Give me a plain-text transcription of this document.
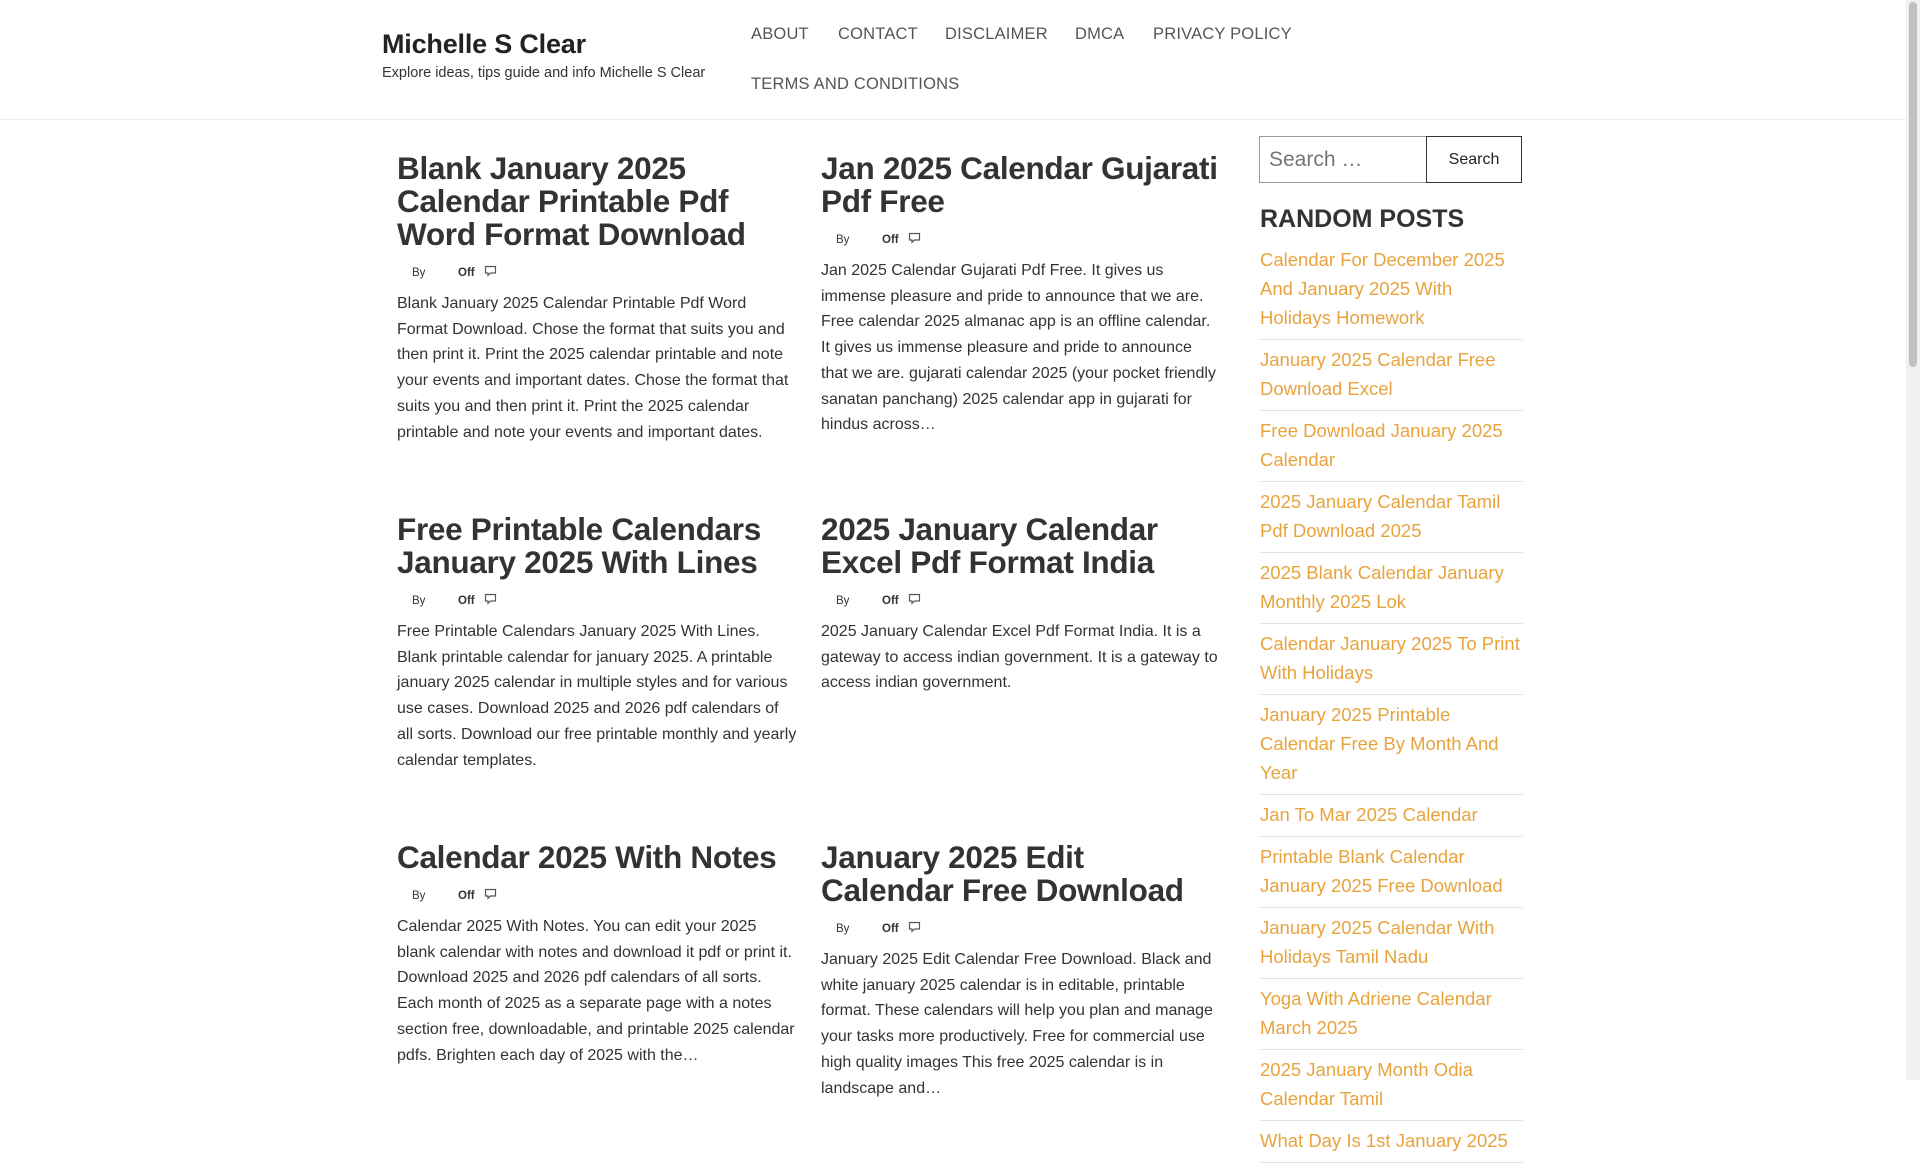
Michelle S Clear
Explore ideas, tips guide and info Michelle S Clear
ABOUT CONTACT DISCLAIMER DMCA PRIVACY POLICY
TERMS AND CONDITIONS
Blank January 2025 Calendar Printable Pdf Word Format Download
By	Off

Blank January 2025 Calendar Printable Pdf Word Format Download. Chose the format that suits you and then print it. Print the 2025 calendar printable and note your events and important dates. Chose the format that suits you and then print it. Print the 2025 calendar printable and note your events and important dates.

Jan 2025 Calendar Gujarati Pdf Free
By	Off

Jan 2025 Calendar Gujarati Pdf Free. It gives us immense pleasure and pride to announce that we are. Free calendar 2025 almanac app is an offline calendar. It gives us immense pleasure and pride to announce that we are. gujarati calendar 2025 (your pocket friendly sanatan panchang) 2025 calendar app in gujarati for hindus across…

Free Printable Calendars January 2025 With Lines
By	Off

Free Printable Calendars January 2025 With Lines. Blank printable calendar for january 2025. A printable january 2025 calendar in multiple styles and for various use cases. Download 2025 and 2026 pdf calendars of all sorts. Download our free printable monthly and yearly calendar templates.

2025 January Calendar Excel Pdf Format India
By	Off

2025 January Calendar Excel Pdf Format India. It is a gateway to access indian government. It is a gateway to access indian government.

Calendar 2025 With Notes
By	Off

Calendar 2025 With Notes. You can edit your 2025 blank calendar with notes and download it pdf or print it. Download 2025 and 2026 pdf calendars of all sorts. Each month of 2025 as a separate page with a notes section free, downloadable, and printable 2025 calendar pdfs. Brighten each day of 2025 with the…

January 2025 Edit Calendar Free Download
By	Off

January 2025 Edit Calendar Free Download. Black and white january 2025 calendar is in editable, printable format. These calendars will help you plan and manage your tasks more productively. Free for commercial use high quality images This free 2025 calendar is in landscape and…

Search …
Search
RANDOM POSTS
Calendar For December 2025 And January 2025 With Holidays Homework
January 2025 Calendar Free Download Excel
Free Download January 2025 Calendar
2025 January Calendar Tamil Pdf Download 2025
2025 Blank Calendar January Monthly 2025 Lok
Calendar January 2025 To Print With Holidays
January 2025 Printable Calendar Free By Month And Year
Jan To Mar 2025 Calendar
Printable Blank Calendar January 2025 Free Download
January 2025 Calendar With Holidays Tamil Nadu
Yoga With Adriene Calendar March 2025
2025 January Month Odia Calendar Tamil
What Day Is 1st January 2025
